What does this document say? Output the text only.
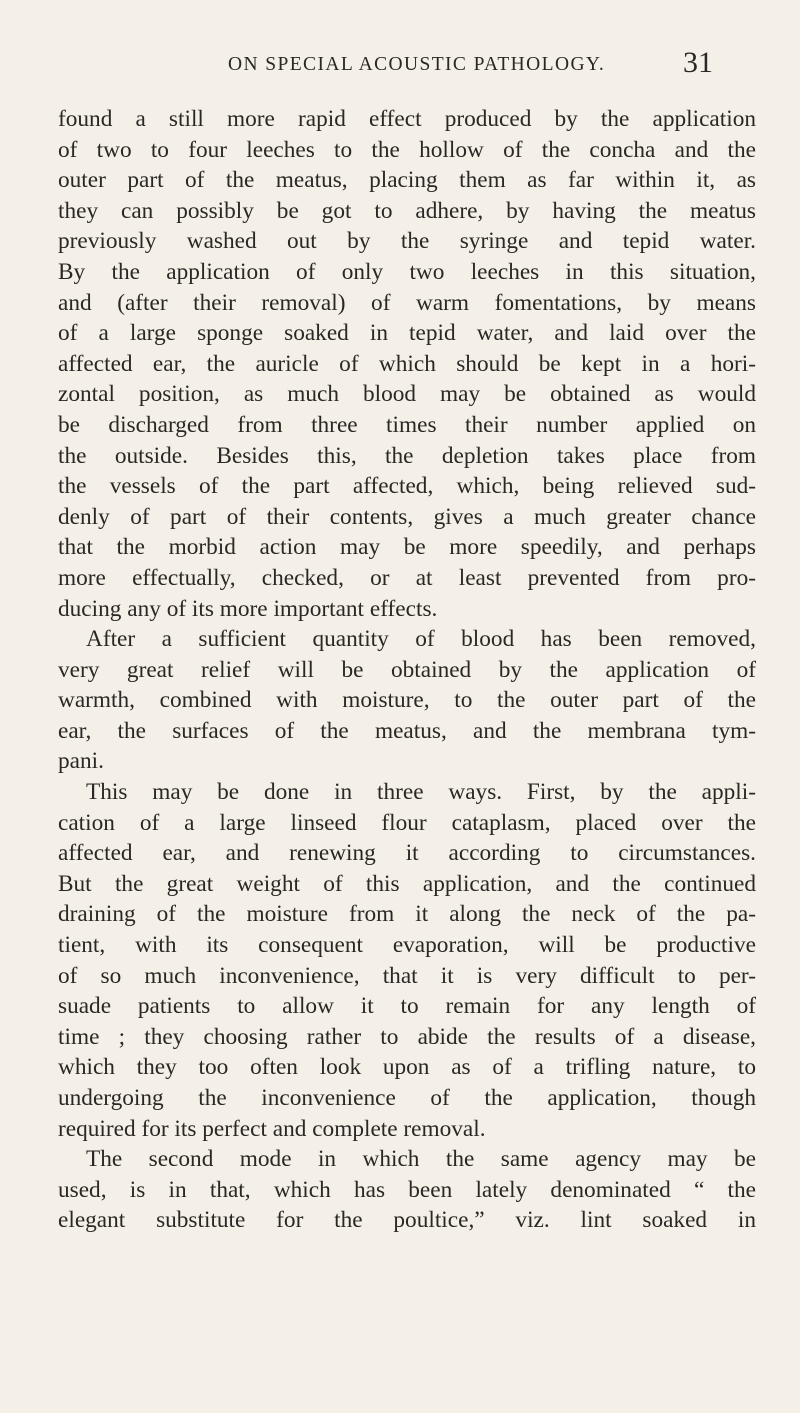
ON SPECIAL ACOUSTIC PATHOLOGY.	31
found a still more rapid effect produced by the application
of two to four leeches to the hollow of the concha and the
outer part of the meatus, placing them as far within it, as
they can possibly be got to adhere, by having the meatus
previously washed out by the syringe and tepid water.
By the application of only two leeches in this situation,
and (after their removal) of warm fomentations, by means
of a large sponge soaked in tepid water, and laid over the
affected ear, the auricle of which should be kept in a hori-
zontal position, as much blood may be obtained as would
be discharged from three times their number applied on
the outside. Besides this, the depletion takes place from
the vessels of the part affected, which, being relieved sud-
denly of part of their contents, gives a much greater chance
that the morbid action may be more speedily, and perhaps
more effectually, checked, or at least prevented from pro-
ducing any of its more important effects.
After a sufficient quantity of blood has been removed,
very great relief will be obtained by the application of
warmth, combined with moisture, to the outer part of the
ear, the surfaces of the meatus, and the membrana tym-
pani.
This may be done in three ways. First, by the appli-
cation of a large linseed flour cataplasm, placed over the
affected ear, and renewing it according to circumstances.
But the great weight of this application, and the continued
draining of the moisture from it along the neck of the pa-
tient, with its consequent evaporation, will be productive
of so much inconvenience, that it is very difficult to per-
suade patients to allow it to remain for any length of
time ; they choosing rather to abide the results of a disease,
which they too often look upon as of a trifling nature, to
undergoing the inconvenience of the application, though
required for its perfect and complete removal.
The second mode in which the same agency may be
used, is in that, which has been lately denominated “ the
elegant substitute for the poultice,” viz. lint soaked in
